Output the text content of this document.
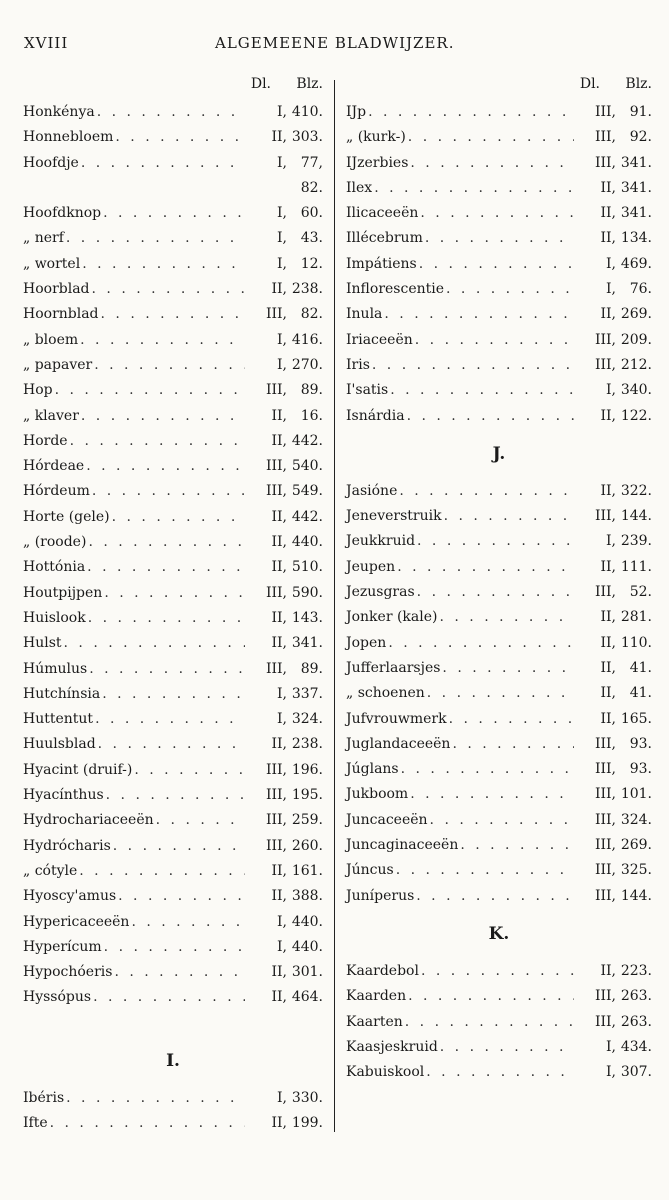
XVIII	ALGEMEENE BLADWIJZER.
Dl. Blz.
Honkénya . . .	I, 410.
Honnebloem . . .	II, 303.
Hoofdje . . .	I, 77,
82.
Hoofdknop . . .	I, 60.
„ nerf . . .	I, 43.
„ wortel . . .	I, 12.
Hoorblad . . .	II, 238.
Hoornblad . . .	III, 82.
„ bloem . . .	I, 416.
„ papaver . . .	I, 270.
Hop . . .	III, 89.
„ klaver . . .	II, 16.
Horde . . .	II, 442.
Hórdeae . . .	III, 540.
Hórdeum . . .	III, 549.
Horte (gele) . . .	II, 442.
„ (roode) . . .	II, 440.
Hottónia . . .	II, 510.
Houtpijpen . . .	III, 590.
Huislook . . .	II, 143.
Hulst . . .	II, 341.
Húmulus . . .	III, 89.
Hutchínsia . . .	I, 337.
Huttentut . . .	I, 324.
Huulsblad . . .	II, 238.
Hyacint (druif-) . . .	III, 196.
Hyacínthus . . .	III, 195.
Hydrochariaceeën . . .	III, 259.
Hydrócharis . . .	III, 260.
„ cótyle . . .	II, 161.
Hyoscy'amus . . .	II, 388.
Hypericaceeën . . .	I, 440.
Hyperícum . . .	I, 440.
Hypochóeris . . .	II, 301.
Hyssópus . . .	II, 464.
I.
Ibéris . . .	I, 330.
Ifte . . .	II, 199.
Dl. Blz.
IJp . . .	III, 91.
„ (kurk-) . . .	III, 92.
IJzerbies . . .	III, 341.
Ilex . . .	II, 341.
Ilicaceeën . . .	II, 341.
Illécebrum . . .	II, 134.
Impátiens . . .	I, 469.
Inflorescentie . . .	I, 76.
Inula . . .	II, 269.
Iriaceeën . . .	III, 209.
Iris . . .	III, 212.
I'satis . . .	I, 340.
Isnárdia . . .	II, 122.
J.
Jasióne . . .	II, 322.
Jeneverstruik . . .	III, 144.
Jeukkruid . . .	I, 239.
Jeupen . . .	II, 111.
Jezusgras . . .	III, 52.
Jonker (kale) . . .	II, 281.
Jopen . . .	II, 110.
Jufferlaarsjes . . .	II, 41.
„ schoenen . . .	II, 41.
Jufvrouwmerk . . .	II, 165.
Juglandaceeën . . .	III, 93.
Júglans . . .	III, 93.
Jukboom . . .	III, 101.
Juncaceeën . . .	III, 324.
Juncaginaceeën . . .	III, 269.
Júncus . . .	III, 325.
Juníperus . . .	III, 144.
K.
Kaardebol . . .	II, 223.
Kaarden . . .	III, 263.
Kaarten . . .	III, 263.
Kaasjeskruid . . .	I, 434.
Kabuiskool . . .	I, 307.
